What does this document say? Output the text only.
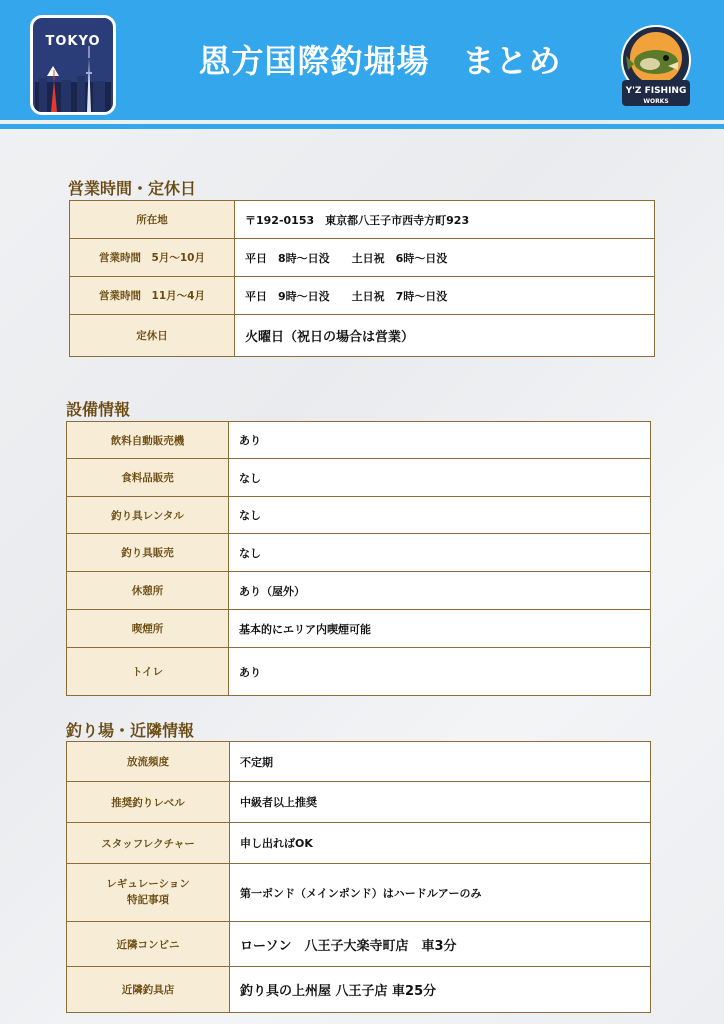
TOKYO
恩方国際釣堀場　まとめ
Y'Z FISHING
WORKS
営業時間・定休日
所在地	〒192-0153　東京都八王子市西寺方町923
営業時間　5月〜10月	平日　8時〜日没　　土日祝　6時〜日没
営業時間　11月〜4月	平日　9時〜日没　　土日祝　7時〜日没
定休日	火曜日（祝日の場合は営業）
設備情報
飲料自動販売機	あり
食料品販売	なし
釣り具レンタル	なし
釣り具販売	なし
休憩所	あり（屋外）
喫煙所	基本的にエリア内喫煙可能
トイレ	あり
釣り場・近隣情報
放流頻度	不定期
推奨釣りレベル	中級者以上推奨
スタッフレクチャー	申し出ればOK
レギュレーション
特記事項	第一ポンド（メインポンド）はハードルアーのみ
近隣コンビニ	ローソン　八王子大楽寺町店　車3分
近隣釣具店	釣り具の上州屋 八王子店 車25分
